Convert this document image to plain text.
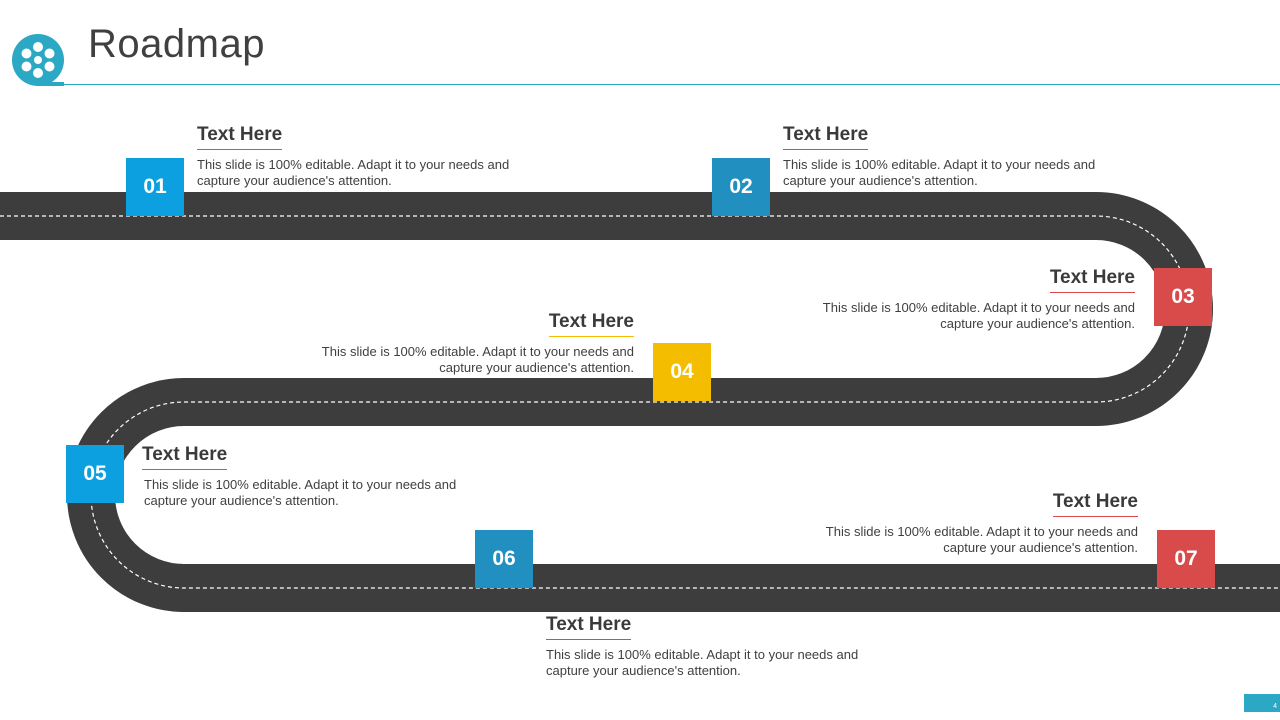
Roadmap
01	02
03
04
05
06	07
Text Here

This slide is 100% editable. Adapt it to your needs and capture your audience's attention.

Text Here

This slide is 100% editable. Adapt it to your needs and capture your audience's attention.

Text Here

This slide is 100% editable. Adapt it to your needs and capture your audience's attention.

Text Here

This slide is 100% editable. Adapt it to your needs and capture your audience's attention.

Text Here

This slide is 100% editable. Adapt it to your needs and capture your audience's attention.

Text Here

This slide is 100% editable. Adapt it to your needs and capture your audience's attention.

Text Here

This slide is 100% editable. Adapt it to your needs and capture your audience's attention.

4
